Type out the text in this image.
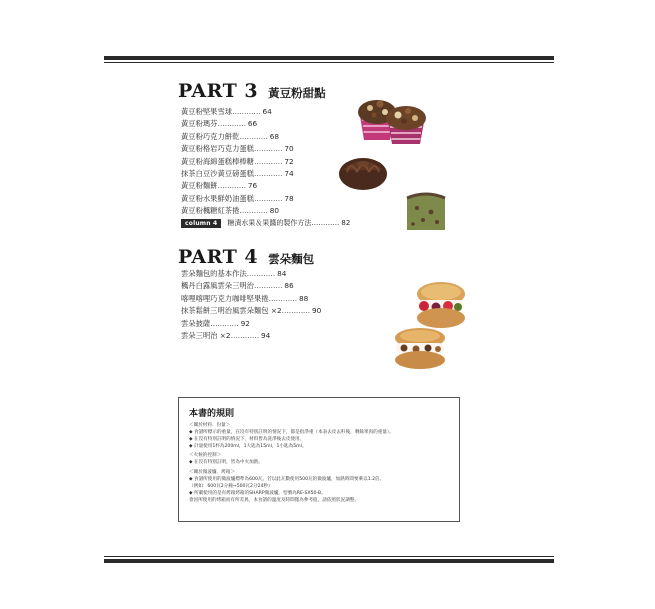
PART 3 黃豆粉甜點
黃豆粉堅果雪球………… 64
黃豆粉瑪芬………… 66
黃豆粉巧克力餅乾………… 68
黃豆粉格岩巧克力蛋糕………… 70
黃豆粉海綿蛋糕棒棒糖………… 72
抹茶白豆沙黃豆磅蛋糕………… 74
黃豆粉麵餅………… 76
黃豆粉水果鮮奶油蛋糕………… 78
黃豆粉楓糖紅茶捲………… 80
column 4	糖漬水果＆果醬的製作方法 ………… 82
PART 4 雲朵麵包
雲朵麵包的基本作法………… 84
楓丹白露風雲朵三明治………… 86
喀哩喀哩巧克力咖啡堅果捲………… 88
抹茶鬆餅三明治風雲朵麵包 ×2………… 90
雲朵披薩………… 92
雲朵三明治 ×2………… 94
本書的規則
＜關於材料．份量＞
◆ 食譜所標示的重量，在沒有特別註明的情況下，都是指淨重（本表去皮去籽後，剩餘果肉的重量）。
◆ 在沒有特別註明的情況下，材料皆為洗淨後去皮使用。
◆ 計量使用1杯為200ml，1大匙為15ml，1小匙為5ml。
＜火候的控制＞
◆ 在沒有特別註明，皆為中火加熱。
＜關於微波爐．烤箱＞
◆ 食譜所使用的微波爐標準為600瓦。若以此瓦數使用500瓦的微波爐，加熱時間要乘以1.2倍。
（例如：600瓦2分鐘→500瓦2分24秒）
◆ 所載使用的是有烤箱烤箱的SHARP微波爐，型號為RE-SX50-B。
會因所使用的烤箱而有所差異，本食譜的溫度及時間僅為參考值，請依照狀況調整。
